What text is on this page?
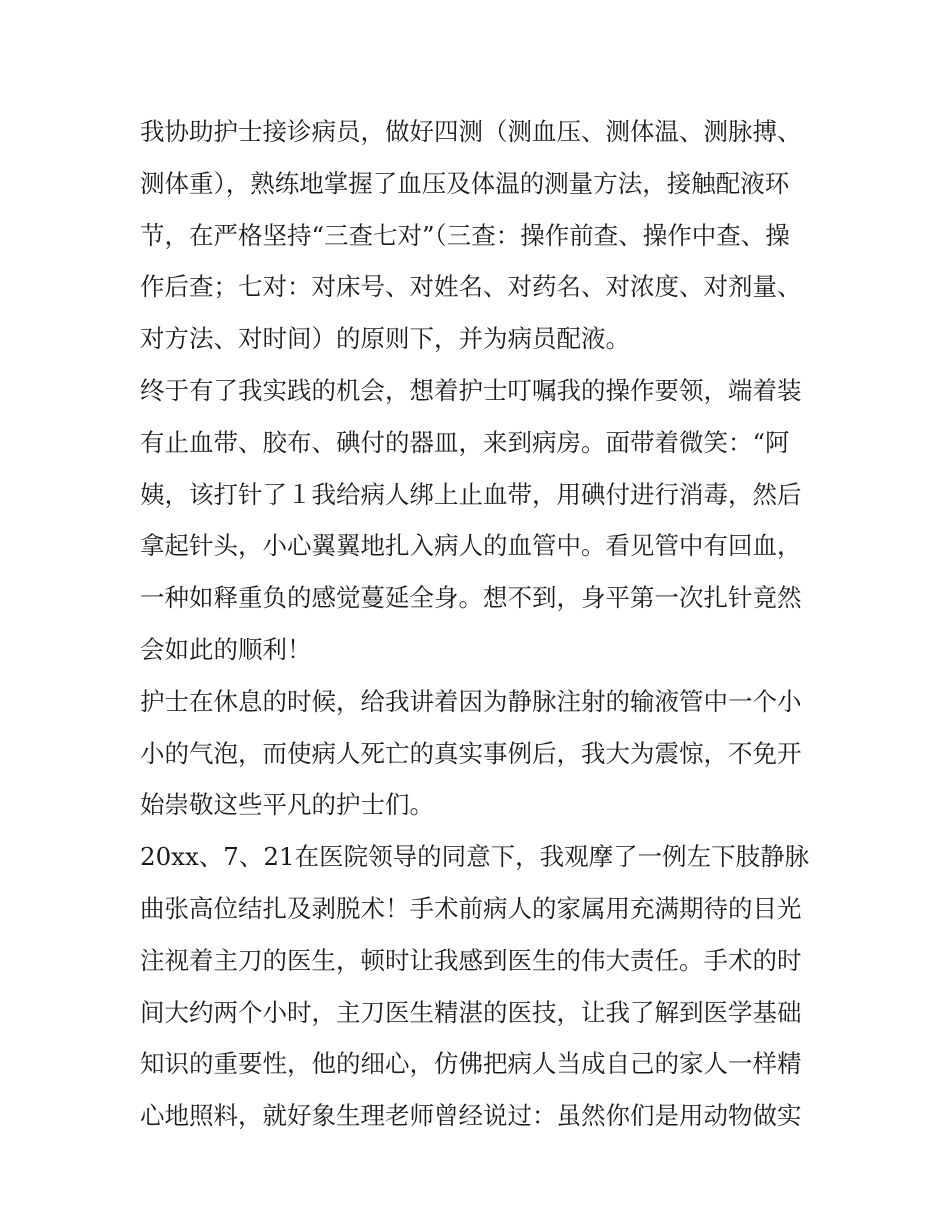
我协助护士接诊病员，做好四测（测血压、测体温、测脉搏、
测体重），熟练地掌握了血压及体温的测量方法，接触配液环
节，在严格坚持“三查七对”（三查：操作前查、操作中查、操
作后查；七对：对床号、对姓名、对药名、对浓度、对剂量、
对方法、对时间）的原则下，并为病员配液。
终于有了我实践的机会，想着护士叮嘱我的操作要领，端着装
有止血带、胶布、碘付的器皿，来到病房。面带着微笑：“阿
姨，该打针了１我给病人绑上止血带，用碘付进行消毒，然后
拿起针头，小心翼翼地扎入病人的血管中。看见管中有回血，
一种如释重负的感觉蔓延全身。想不到，身平第一次扎针竟然
会如此的顺利！
护士在休息的时候，给我讲着因为静脉注射的输液管中一个小
小的气泡，而使病人死亡的真实事例后，我大为震惊，不免开
始崇敬这些平凡的护士们。
20xx、7、21在医院领导的同意下，我观摩了一例左下肢静脉
曲张高位结扎及剥脱术！手术前病人的家属用充满期待的目光
注视着主刀的医生，顿时让我感到医生的伟大责任。手术的时
间大约两个小时，主刀医生精湛的医技，让我了解到医学基础
知识的重要性，他的细心，仿佛把病人当成自己的家人一样精
心地照料，就好象生理老师曾经说过：虽然你们是用动物做实
